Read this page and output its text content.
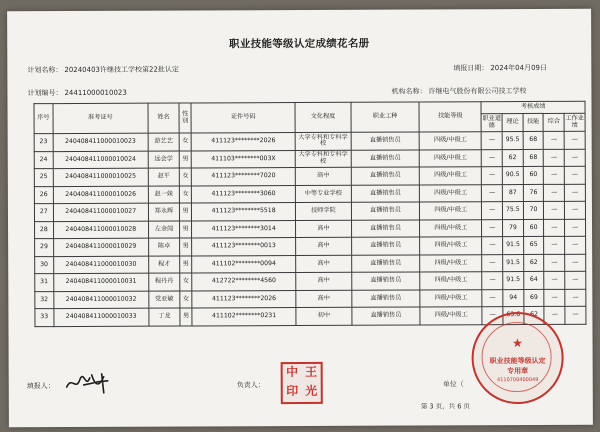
职业技能等级认定成绩花名册
计划名称： 20240403许继技工学校第22批认定	填报日期： 2024年04月09日
计划编号： 24411000010023	机构名称： 许继电气股份有限公司技工学校
序号	准考证号	姓名	性别	证件号码	文化程度	职业工种	技能等级	考核成绩				
								职业道德	理论	技能	综合	工作业绩
23	240408411000010023	游艺艺	女	411123********2026	大学专科和专科学校	直播销售员	四级/中级工	—	95.5	68	—	—
24	240408411000010024	远会学	男	411103********003X	大学专科和专科学校	直播销售员	四级/中级工	—	62	68	—	—
25	240408411000010025	赵平	女	411123********7020	高中	直播销售员	四级/中级工	—	90.5	60	—	—
26	240408411000010026	赵一妹	女	411123********3060	中等专业学校	直播销售员	四级/中级工	—	87	76	—	—
27	240408411000010027	郑永辉	男	411123********5518	技师学院	直播销售员	四级/中级工	—	75.5	70	—	—
28	240408411000010028	左金闯	男	411123********3014	高中	直播销售员	四级/中级工	—	79	60	—	—
29	240408411000010029	陈卓	男	411123********0013	高中	直播销售员	四级/中级工	—	91.5	65	—	—
30	240408411000010030	程才	男	411102********0094	高中	直播销售员	四级/中级工	—	91.5	62	—	—
31	240408411000010031	程丹丹	女	412722********4560	高中	直播销售员	四级/中级工	—	91.5	64	—	—
32	240408411000010032	党亚敏	女	411123********2026	高中	直播销售员	四级/中级工	—	94	69	—	—
33	240408411000010033	丁龙	男	411102********0231	初中	直播销售员	四级/中级工	—	63.6	62	—	—
填报人：	负责人：
中 王
印 光	单位（
★
职业技能等级认定
专用章
4110700400049
第 3 页，共 6 页
